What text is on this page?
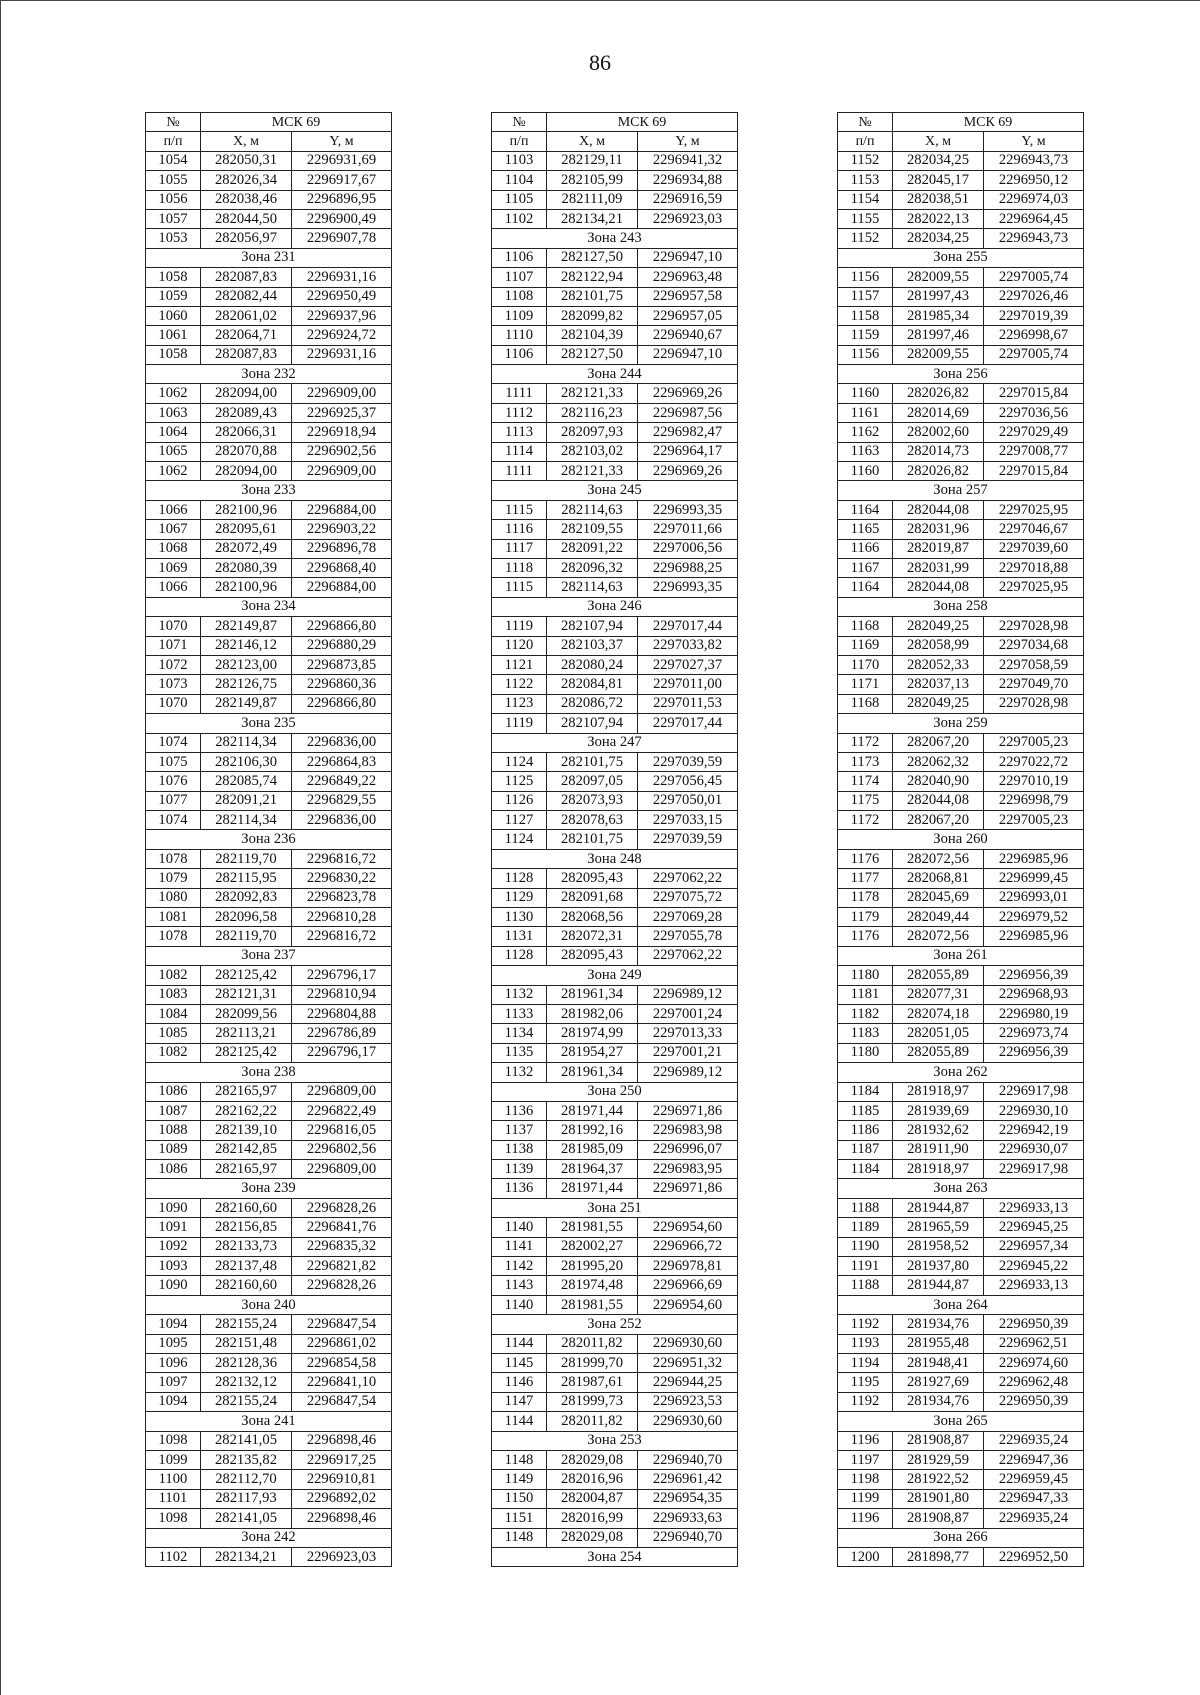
86
№	МСК 69	
п/п	X, м	Y, м
1054	282050,31	2296931,69
1055	282026,34	2296917,67
1056	282038,46	2296896,95
1057	282044,50	2296900,49
1053	282056,97	2296907,78
Зона 231		
1058	282087,83	2296931,16
1059	282082,44	2296950,49
1060	282061,02	2296937,96
1061	282064,71	2296924,72
1058	282087,83	2296931,16
Зона 232		
1062	282094,00	2296909,00
1063	282089,43	2296925,37
1064	282066,31	2296918,94
1065	282070,88	2296902,56
1062	282094,00	2296909,00
Зона 233		
1066	282100,96	2296884,00
1067	282095,61	2296903,22
1068	282072,49	2296896,78
1069	282080,39	2296868,40
1066	282100,96	2296884,00
Зона 234		
1070	282149,87	2296866,80
1071	282146,12	2296880,29
1072	282123,00	2296873,85
1073	282126,75	2296860,36
1070	282149,87	2296866,80
Зона 235		
1074	282114,34	2296836,00
1075	282106,30	2296864,83
1076	282085,74	2296849,22
1077	282091,21	2296829,55
1074	282114,34	2296836,00
Зона 236		
1078	282119,70	2296816,72
1079	282115,95	2296830,22
1080	282092,83	2296823,78
1081	282096,58	2296810,28
1078	282119,70	2296816,72
Зона 237		
1082	282125,42	2296796,17
1083	282121,31	2296810,94
1084	282099,56	2296804,88
1085	282113,21	2296786,89
1082	282125,42	2296796,17
Зона 238		
1086	282165,97	2296809,00
1087	282162,22	2296822,49
1088	282139,10	2296816,05
1089	282142,85	2296802,56
1086	282165,97	2296809,00
Зона 239		
1090	282160,60	2296828,26
1091	282156,85	2296841,76
1092	282133,73	2296835,32
1093	282137,48	2296821,82
1090	282160,60	2296828,26
Зона 240		
1094	282155,24	2296847,54
1095	282151,48	2296861,02
1096	282128,36	2296854,58
1097	282132,12	2296841,10
1094	282155,24	2296847,54
Зона 241		
1098	282141,05	2296898,46
1099	282135,82	2296917,25
1100	282112,70	2296910,81
1101	282117,93	2296892,02
1098	282141,05	2296898,46
Зона 242		
1102	282134,21	2296923,03
№	МСК 69	
п/п	X, м	Y, м
1103	282129,11	2296941,32
1104	282105,99	2296934,88
1105	282111,09	2296916,59
1102	282134,21	2296923,03
Зона 243		
1106	282127,50	2296947,10
1107	282122,94	2296963,48
1108	282101,75	2296957,58
1109	282099,82	2296957,05
1110	282104,39	2296940,67
1106	282127,50	2296947,10
Зона 244		
1111	282121,33	2296969,26
1112	282116,23	2296987,56
1113	282097,93	2296982,47
1114	282103,02	2296964,17
1111	282121,33	2296969,26
Зона 245		
1115	282114,63	2296993,35
1116	282109,55	2297011,66
1117	282091,22	2297006,56
1118	282096,32	2296988,25
1115	282114,63	2296993,35
Зона 246		
1119	282107,94	2297017,44
1120	282103,37	2297033,82
1121	282080,24	2297027,37
1122	282084,81	2297011,00
1123	282086,72	2297011,53
1119	282107,94	2297017,44
Зона 247		
1124	282101,75	2297039,59
1125	282097,05	2297056,45
1126	282073,93	2297050,01
1127	282078,63	2297033,15
1124	282101,75	2297039,59
Зона 248		
1128	282095,43	2297062,22
1129	282091,68	2297075,72
1130	282068,56	2297069,28
1131	282072,31	2297055,78
1128	282095,43	2297062,22
Зона 249		
1132	281961,34	2296989,12
1133	281982,06	2297001,24
1134	281974,99	2297013,33
1135	281954,27	2297001,21
1132	281961,34	2296989,12
Зона 250		
1136	281971,44	2296971,86
1137	281992,16	2296983,98
1138	281985,09	2296996,07
1139	281964,37	2296983,95
1136	281971,44	2296971,86
Зона 251		
1140	281981,55	2296954,60
1141	282002,27	2296966,72
1142	281995,20	2296978,81
1143	281974,48	2296966,69
1140	281981,55	2296954,60
Зона 252		
1144	282011,82	2296930,60
1145	281999,70	2296951,32
1146	281987,61	2296944,25
1147	281999,73	2296923,53
1144	282011,82	2296930,60
Зона 253		
1148	282029,08	2296940,70
1149	282016,96	2296961,42
1150	282004,87	2296954,35
1151	282016,99	2296933,63
1148	282029,08	2296940,70
Зона 254		
№	МСК 69	
п/п	X, м	Y, м
1152	282034,25	2296943,73
1153	282045,17	2296950,12
1154	282038,51	2296974,03
1155	282022,13	2296964,45
1152	282034,25	2296943,73
Зона 255		
1156	282009,55	2297005,74
1157	281997,43	2297026,46
1158	281985,34	2297019,39
1159	281997,46	2296998,67
1156	282009,55	2297005,74
Зона 256		
1160	282026,82	2297015,84
1161	282014,69	2297036,56
1162	282002,60	2297029,49
1163	282014,73	2297008,77
1160	282026,82	2297015,84
Зона 257		
1164	282044,08	2297025,95
1165	282031,96	2297046,67
1166	282019,87	2297039,60
1167	282031,99	2297018,88
1164	282044,08	2297025,95
Зона 258		
1168	282049,25	2297028,98
1169	282058,99	2297034,68
1170	282052,33	2297058,59
1171	282037,13	2297049,70
1168	282049,25	2297028,98
Зона 259		
1172	282067,20	2297005,23
1173	282062,32	2297022,72
1174	282040,90	2297010,19
1175	282044,08	2296998,79
1172	282067,20	2297005,23
Зона 260		
1176	282072,56	2296985,96
1177	282068,81	2296999,45
1178	282045,69	2296993,01
1179	282049,44	2296979,52
1176	282072,56	2296985,96
Зона 261		
1180	282055,89	2296956,39
1181	282077,31	2296968,93
1182	282074,18	2296980,19
1183	282051,05	2296973,74
1180	282055,89	2296956,39
Зона 262		
1184	281918,97	2296917,98
1185	281939,69	2296930,10
1186	281932,62	2296942,19
1187	281911,90	2296930,07
1184	281918,97	2296917,98
Зона 263		
1188	281944,87	2296933,13
1189	281965,59	2296945,25
1190	281958,52	2296957,34
1191	281937,80	2296945,22
1188	281944,87	2296933,13
Зона 264		
1192	281934,76	2296950,39
1193	281955,48	2296962,51
1194	281948,41	2296974,60
1195	281927,69	2296962,48
1192	281934,76	2296950,39
Зона 265		
1196	281908,87	2296935,24
1197	281929,59	2296947,36
1198	281922,52	2296959,45
1199	281901,80	2296947,33
1196	281908,87	2296935,24
Зона 266		
1200	281898,77	2296952,50
